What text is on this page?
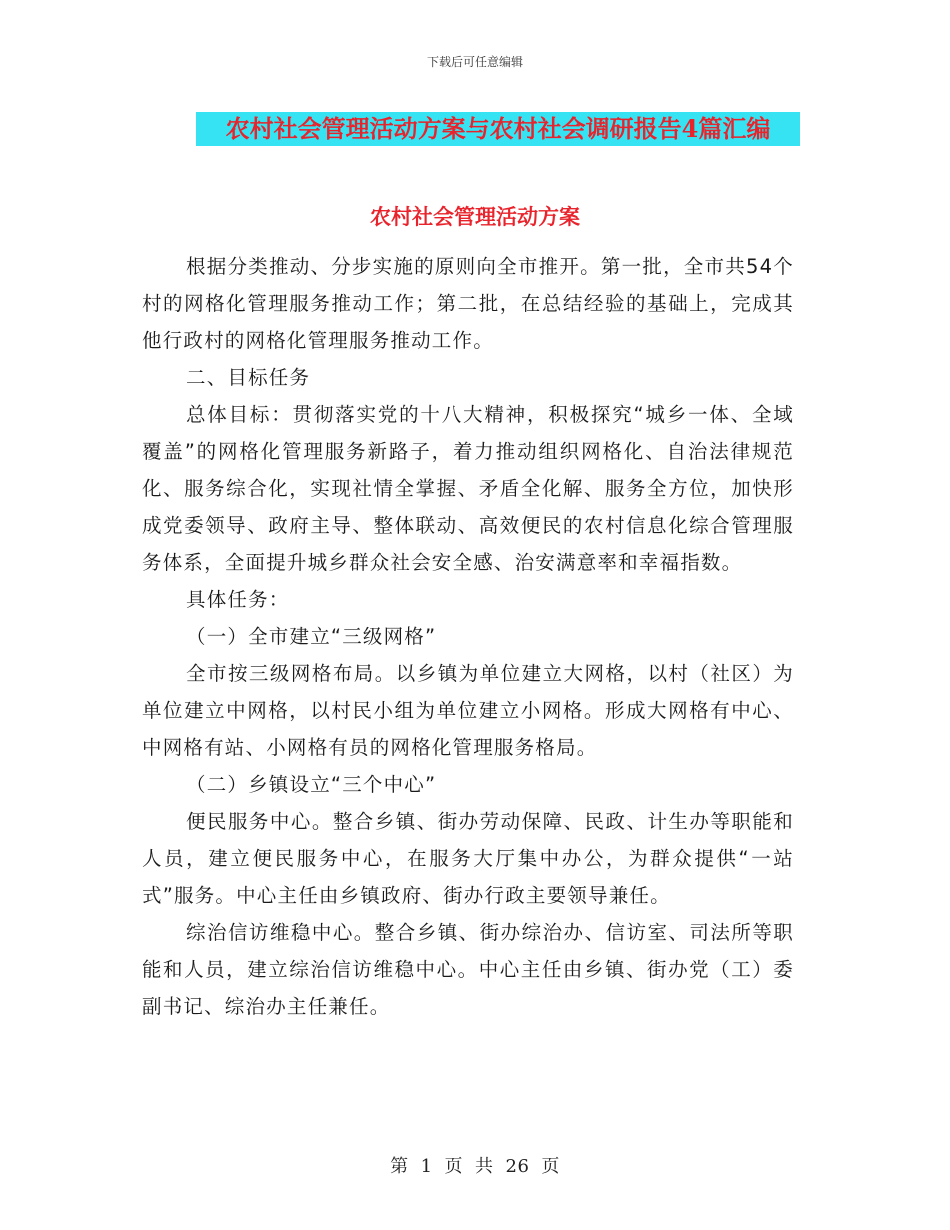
下载后可任意编辑
农村社会管理活动方案与农村社会调研报告4篇汇编
农村社会管理活动方案

根据分类推动、分步实施的原则向全市推开。第一批，全市共54个村的网格化管理服务推动工作；第二批，在总结经验的基础上，完成其他行政村的网格化管理服务推动工作。

二、目标任务

总体目标：贯彻落实党的十八大精神，积极探究“城乡一体、全域覆盖”的网格化管理服务新路子，着力推动组织网格化、自治法律规范化、服务综合化，实现社情全掌握、矛盾全化解、服务全方位，加快形成党委领导、政府主导、整体联动、高效便民的农村信息化综合管理服务体系，全面提升城乡群众社会安全感、治安满意率和幸福指数。

具体任务：

（一）全市建立“三级网格”

全市按三级网格布局。以乡镇为单位建立大网格，以村（社区）为单位建立中网格，以村民小组为单位建立小网格。形成大网格有中心、中网格有站、小网格有员的网格化管理服务格局。

（二）乡镇设立“三个中心”

便民服务中心。整合乡镇、街办劳动保障、民政、计生办等职能和人员，建立便民服务中心，在服务大厅集中办公，为群众提供“一站式”服务。中心主任由乡镇政府、街办行政主要领导兼任。

综治信访维稳中心。整合乡镇、街办综治办、信访室、司法所等职能和人员，建立综治信访维稳中心。中心主任由乡镇、街办党（工）委副书记、综治办主任兼任。

第 1 页 共 26 页
